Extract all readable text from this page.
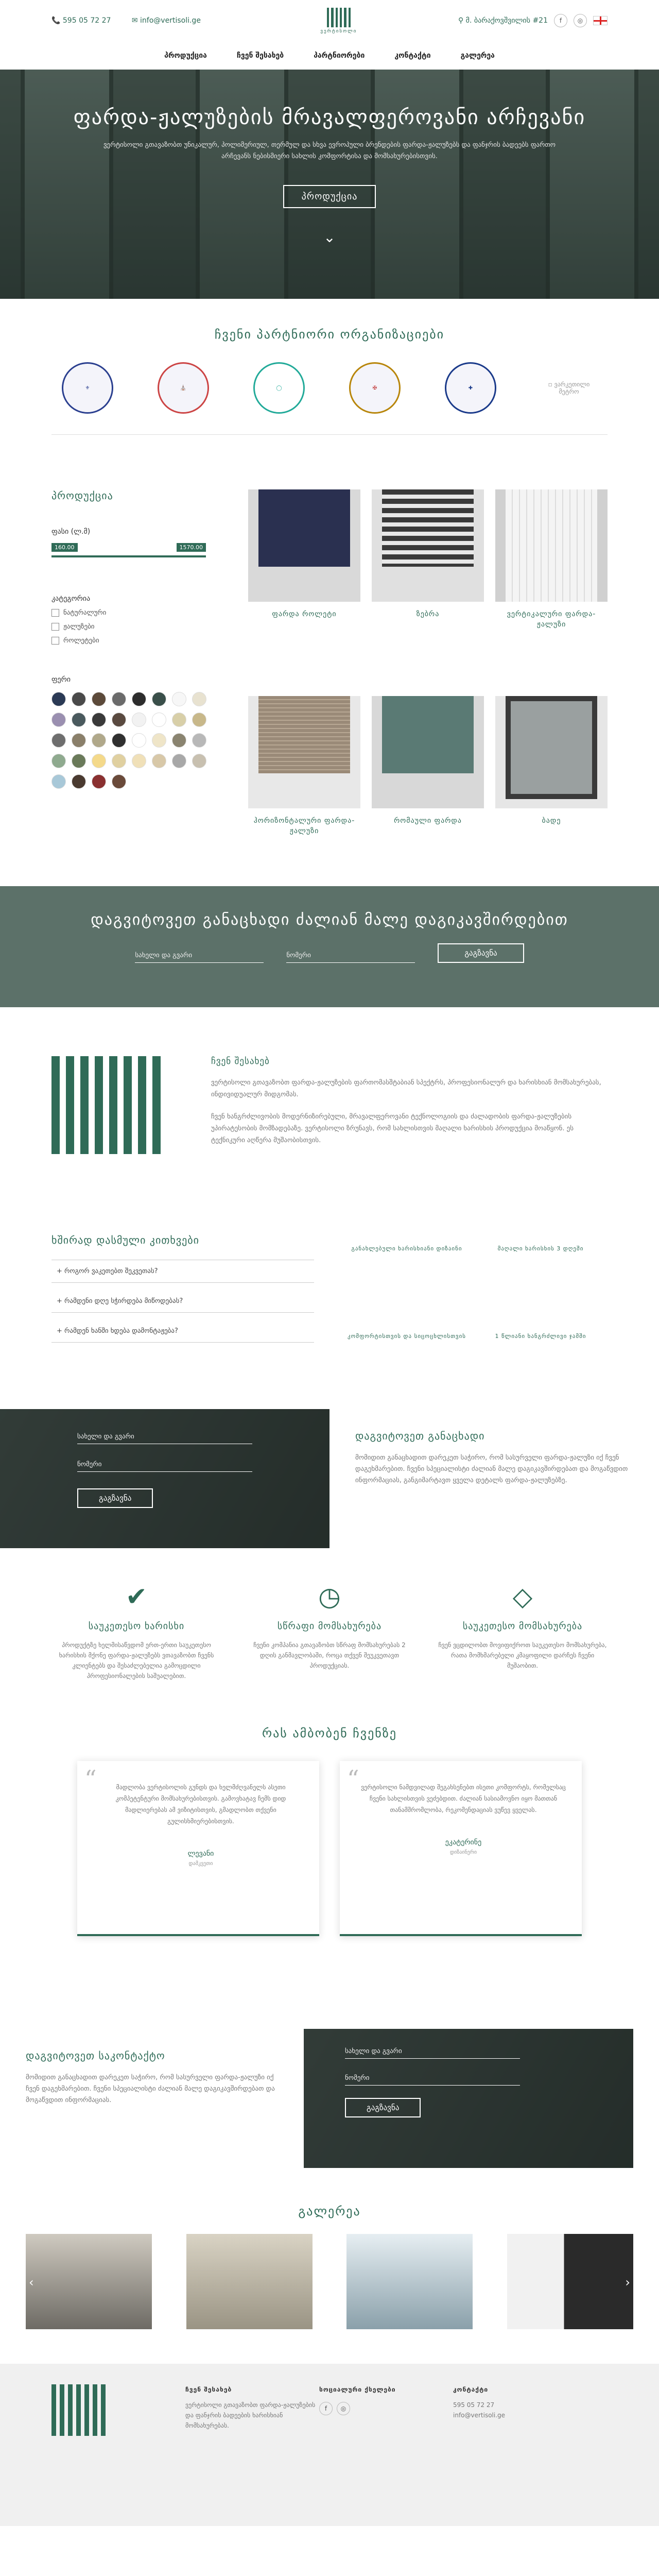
📞 595 05 72 27	✉ info@vertisoli.ge
ვერტისოლი
⚲ მ. ბარაქოვშვილის #21	f	◎
პროდუქცია	ჩვენ შესახებ	პარტნიორები	კონტაქტი	გალერეა
ფარდა-ჟალუზების მრავალფეროვანი არჩევანი

ვერტისოლი გთავაზობთ უნიკალურ, პოლიმერიულ, თერმულ და სხვა ევროპული ბრენდების ფარდა-ჟალუზებს და ფანჯრის ბადეებს ფართო არჩევანს ნებისმიერი სახლის კომფორტისა და მომსახურებისთვის.

პროდუქცია
⌄
ჩვენი პარტნიორი ორგანიზაციები
⚜	⛪	◯	✠	✚	▫ ვარკეთილი მეტრო
პროდუქცია
ფასი (ლ.მ)
160.00	1570.00
კატეგორია
ნატურალური
ჟალუზები
როლეტები
ფერი
ფარდა როლეტი	ზებრა	ვერტიკალური ფარდა-ჟალუზი
ჰორიზონტალური ფარდა-ჟალუზი
რომაული ფარდა	ბადე
დაგვიტოვეთ განაცხადი ძალიან მალე დაგიკავშირდებით
სახელი და გვარი	ნომერი	გაგზავნა
ჩვენ შესახებ

ვერტისოლი გთავაზობთ ფარდა-ჟალუზების ფართომასშტაბიან სპექტრს, პროფესიონალურ და ხარისხიან მომსახურებას, ინდივიდუალურ მიდგომას.

ჩვენ ხანგრძლივობის მოდერნიზირებული, მრავალფეროვანი ტექნოლოგიის და ძალადობის ფარდა-ჟალუზების უპირატესობის მომზადებაზე. ვერტისოლი ზრუნავს, რომ სახლისთვის მაღალი ხარისხის პროდუქცია მოაწყონ. ეს ტექნიკური აღწერა მუშაობისთვის.

ხშირად დასმული კითხვები
+ როგორ ვაკეთებთ შეკვეთას?
+ რამდენი დღე სჭირდება მიწოდებას?
+ რამდენ ხანში ხდება დამონტაჟება?
განახლებული ხარისხიანი დიზაინი	მაღალი ხარისხის 3 დღეში
კომფორტისთვის და სიცოცხლისთვის	1 წლიანი ხანგრძლივი ჯამში
სახელი და გვარი
ნომერი
გაგზავნა
დაგვიტოვეთ განაცხადი

მომიდით განაცხადით დარეკეთ საჭირო, რომ სასურველი ფარდა-ჟალუზი იქ ჩვენ დაგეხმარებით. ჩვენი სპეციალისტი ძალიან მალე დაგიკავშირდებათ და მოგაწვდით ინფორმაციას, განგიმარტავთ ყველა დეტალს ფარდა-ჟალუზებზე.

✔
საუკეთესო ხარისხი

პროდუქტზე ხელმისაწვდომ ერთ-ერთი საუკეთესო ხარისხის მქონე ფარდა-ჟალუზებს ვთავაზობთ ჩვენს კლიენტებს და შესაძლებელია გამოცდილი პროფესიონალების საშუალებით.

◷
სწრაფი მომსახურება

ჩვენი კომპანია გთავაზობთ სწრაფ მომსახურებას 2 დღის განმავლობაში, როცა თქვენ შეუკვეთავთ პროდუქციას.

◇
საუკეთესო მომსახურება

ჩვენ ვცდილობთ მოვიფიქროთ საუკეთესო მომსახურება, რათა მომხმარებელი კმაყოფილი დარჩეს ჩვენი მუშაობით.

რას ამბობენ ჩვენზე
“	მადლობა ვერტისოლის გუნდს და ხელმძღვანელს ასეთი კომპეტენტური მომსახურებისთვის. გამოვხატავ ჩემს დიდ მადლიერებას ამ ვიზიტისთვის, გმადლობთ თქვენი გულისხმიერებისთვის.

ლევანი
დამკვეთი
“ ვერტისოლი ნამდვილად შეგახსენებთ ისეთი კომფორტს, რომელსაც ჩვენი სახლისთვის ვეძებდით. ძალიან სასიამოვნო იყო მათთან თანამშრომლობა, რეკომენდაციას ვუწევ ყველას.

ეკატერინე
დიზაინერი
დაგვიტოვეთ საკონტაქტო

მომიდით განაცხადით დარეკეთ საჭირო, რომ სასურველი ფარდა-ჟალუზი იქ ჩვენ დაგეხმარებით. ჩვენი სპეციალისტი ძალიან მალე დაგიკავშირდებათ და მოგაწვდით ინფორმაციას.

სახელი და გვარი
ნომერი
გაგზავნა
გალერეა
‹	›
ჩვენ შესახებ
ვერტისოლი გთავაზობთ ფარდა-ჟალუზების და ფანჯრის ბადეების ხარისხიან მომსახურებას.
სოციალური ქსელები
f	◎
კონტაქტი
595 05 72 27
info@vertisoli.ge
